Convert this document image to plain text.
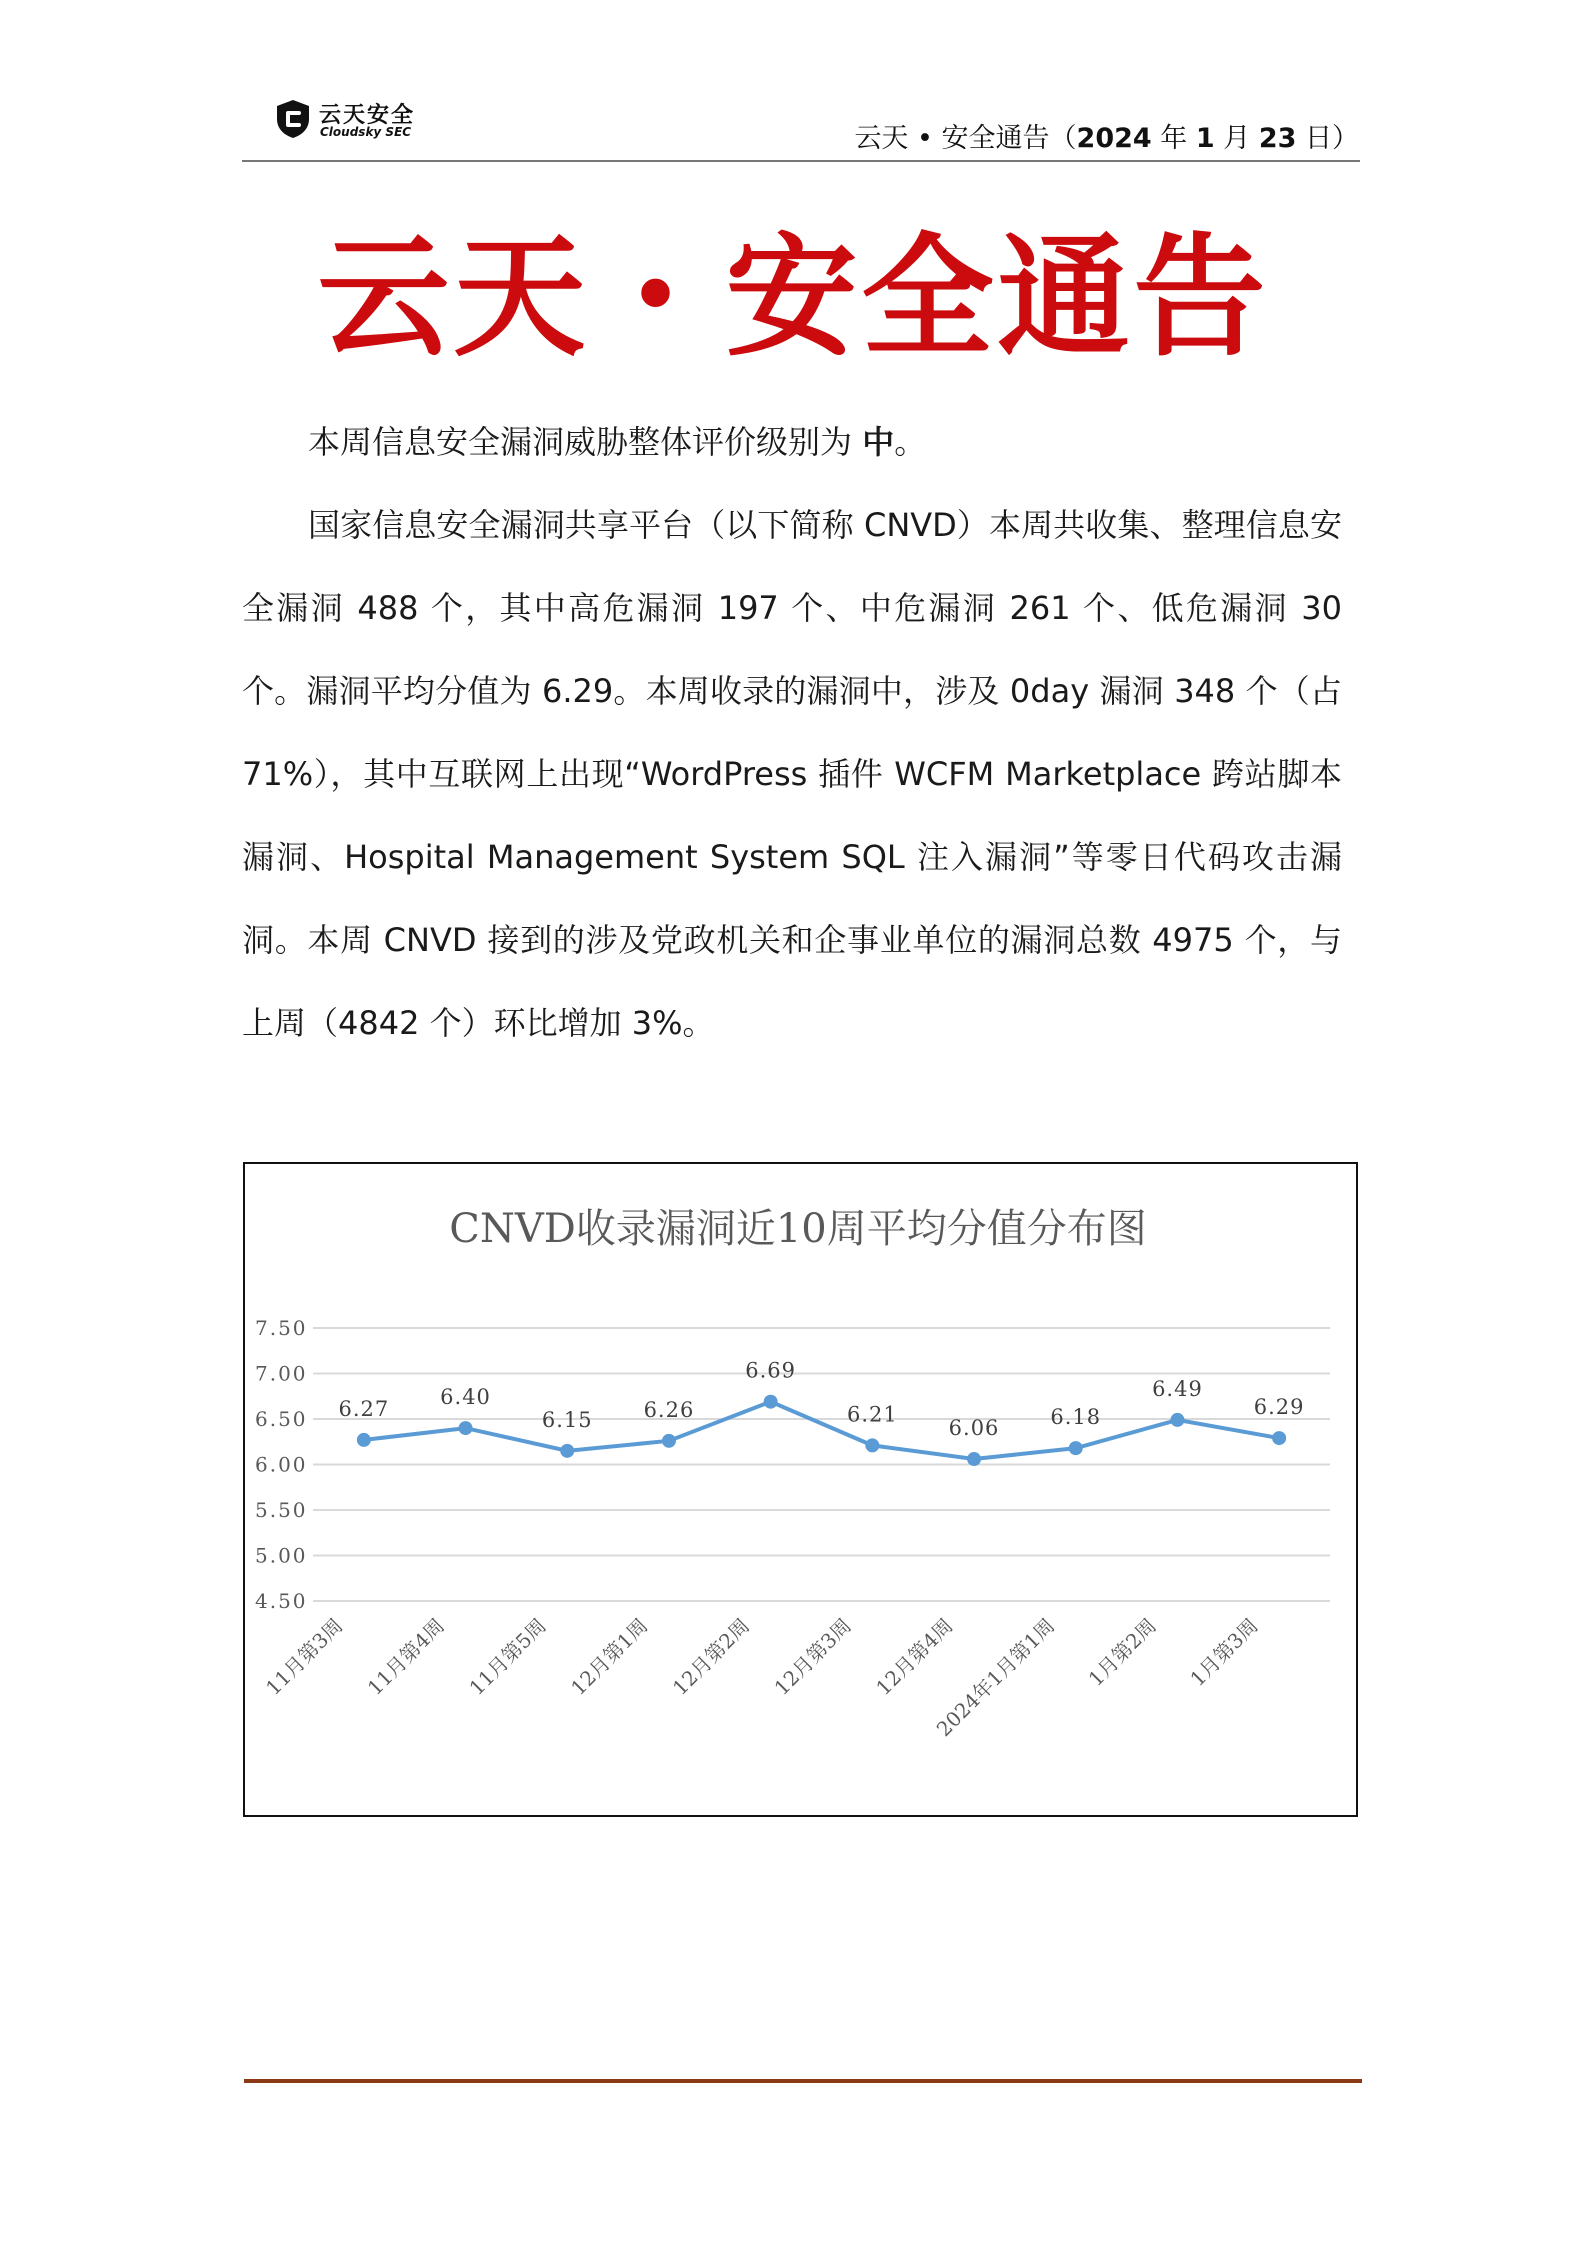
云天安全
Cloudsky SEC	云天 • 安全通告（2024 年 1 月 23 日）
云天・安全通告
本周信息安全漏洞威胁整体评价级别为 中。
国家信息安全漏洞共享平台（以下简称 CNVD）本周共收集、整理信息安全漏洞 488 个，其中高危漏洞 197 个、中危漏洞 261 个、低危漏洞 30 个。漏洞平均分值为 6.29。本周收录的漏洞中，涉及 0day 漏洞 348 个（占 71%），其中互联网上出现“WordPress 插件 WCFM Marketplace 跨站脚本漏洞、Hospital Management System SQL 注入漏洞”等零日代码攻击漏洞。本周 CNVD 接到的涉及党政机关和企事业单位的漏洞总数 4975 个，与上周（4842 个）环比增加 3%。
CNVD收录漏洞近10周平均分值分布图
7.50
7.00
6.50
6.00
5.50
5.00
4.50
11月第3周 11月第4周 11月第5周 12月第1周 12月第2周 12月第3周 12月第4周
2024年1月第1周 1月第2周 1月第3周
6.27 6.40
6.15 6.26
6.69
6.21
6.06 6.18
6.49
6.29
